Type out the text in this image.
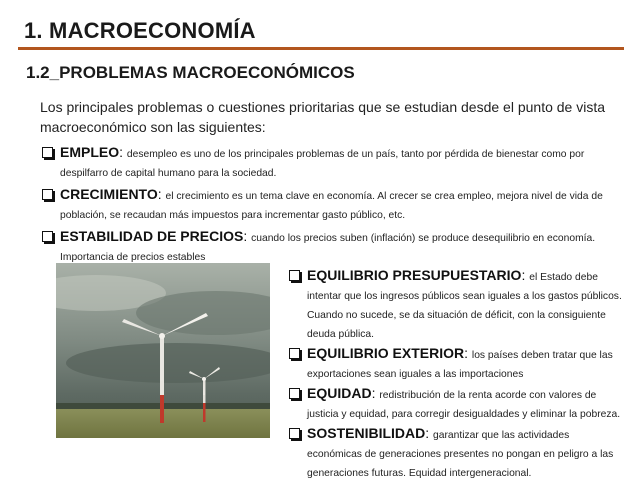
1. MACROECONOMÍA
1.2_PROBLEMAS MACROECONÓMICOS
Los principales problemas o cuestiones prioritarias que se estudian desde el punto de vista macroeconómico son las siguientes:
EMPLEO: desempleo es uno de los principales problemas de un país, tanto por pérdida de bienestar como por despilfarro de capital humano para la sociedad.
CRECIMIENTO: el crecimiento es un tema clave en economía. Al crecer se crea empleo, mejora nivel de vida de población, se recaudan más impuestos para incrementar gasto público, etc.
ESTABILIDAD DE PRECIOS: cuando los precios suben (inflación) se produce desequilibrio en economía. Importancia de precios estables
EQUILIBRIO PRESUPUESTARIO: el Estado debe intentar que los ingresos públicos sean iguales a los gastos públicos. Cuando no sucede, se da situación de déficit, con la consiguiente deuda pública.
EQUILIBRIO EXTERIOR: los países deben tratar que las exportaciones sean iguales a las importaciones
EQUIDAD: redistribución de la renta acorde con valores de justicia y equidad, para corregir desigualdades y eliminar la pobreza.
SOSTENIBILIDAD: garantizar que las actividades económicas de generaciones presentes no pongan en peligro a las generaciones futuras. Equidad intergeneracional.
